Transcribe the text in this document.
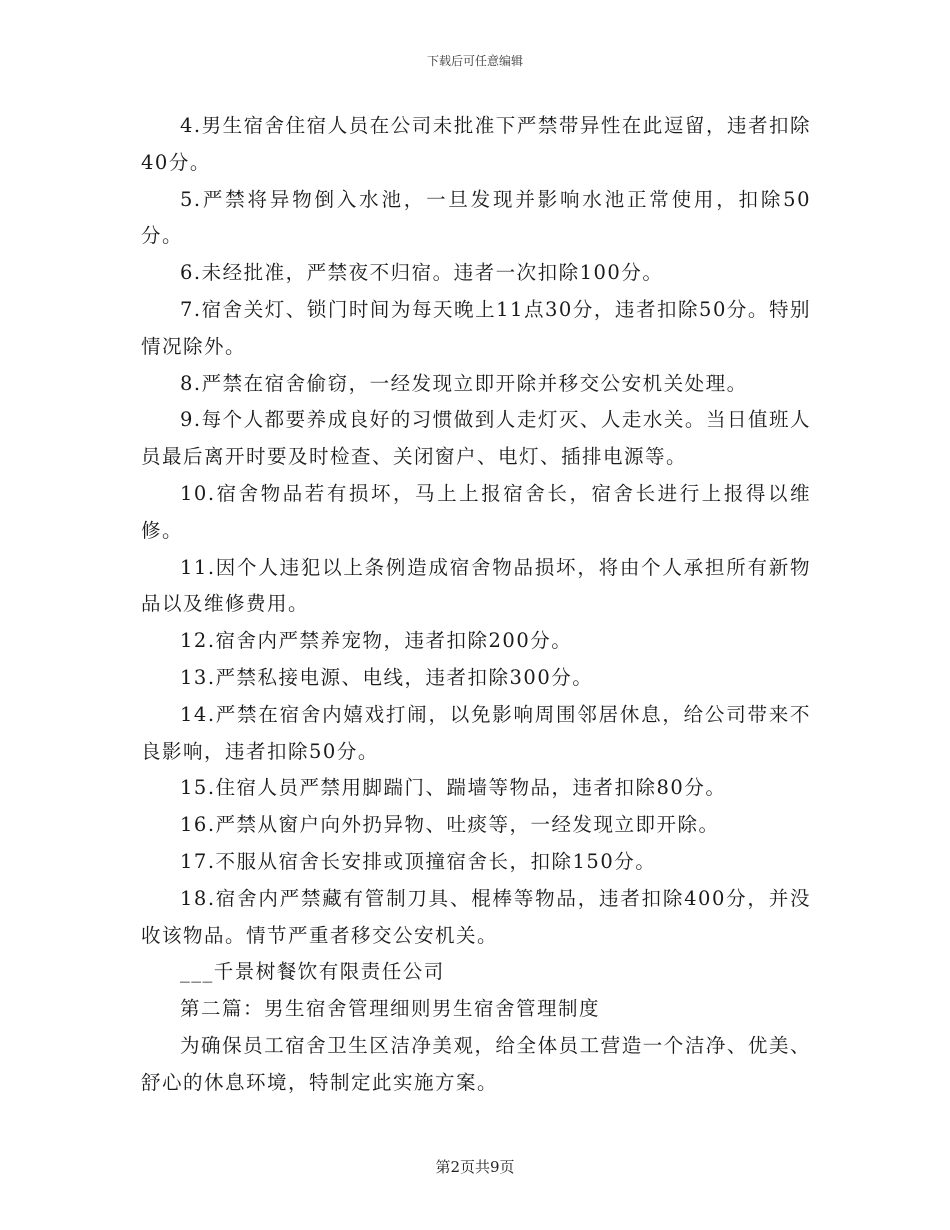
下载后可任意编辑

4.男生宿舍住宿人员在公司未批准下严禁带异性在此逗留，违者扣除40分。

5.严禁将异物倒入水池，一旦发现并影响水池正常使用，扣除50分。

6.未经批准，严禁夜不归宿。违者一次扣除100分。

7.宿舍关灯、锁门时间为每天晚上11点30分，违者扣除50分。特别情况除外。

8.严禁在宿舍偷窃，一经发现立即开除并移交公安机关处理。

9.每个人都要养成良好的习惯做到人走灯灭、人走水关。当日值班人员最后离开时要及时检查、关闭窗户、电灯、插排电源等。

10.宿舍物品若有损坏，马上上报宿舍长，宿舍长进行上报得以维修。

11.因个人违犯以上条例造成宿舍物品损坏，将由个人承担所有新物品以及维修费用。

12.宿舍内严禁养宠物，违者扣除200分。

13.严禁私接电源、电线，违者扣除300分。

14.严禁在宿舍内嬉戏打闹，以免影响周围邻居休息，给公司带来不良影响，违者扣除50分。

15.住宿人员严禁用脚踹门、踹墙等物品，违者扣除80分。

16.严禁从窗户向外扔异物、吐痰等，一经发现立即开除。

17.不服从宿舍长安排或顶撞宿舍长，扣除150分。

18.宿舍内严禁藏有管制刀具、棍棒等物品，违者扣除400分，并没收该物品。情节严重者移交公安机关。

___千景树餐饮有限责任公司

第二篇：男生宿舍管理细则男生宿舍管理制度

为确保员工宿舍卫生区洁净美观，给全体员工营造一个洁净、优美、舒心的休息环境，特制定此实施方案。

第2页共9页
